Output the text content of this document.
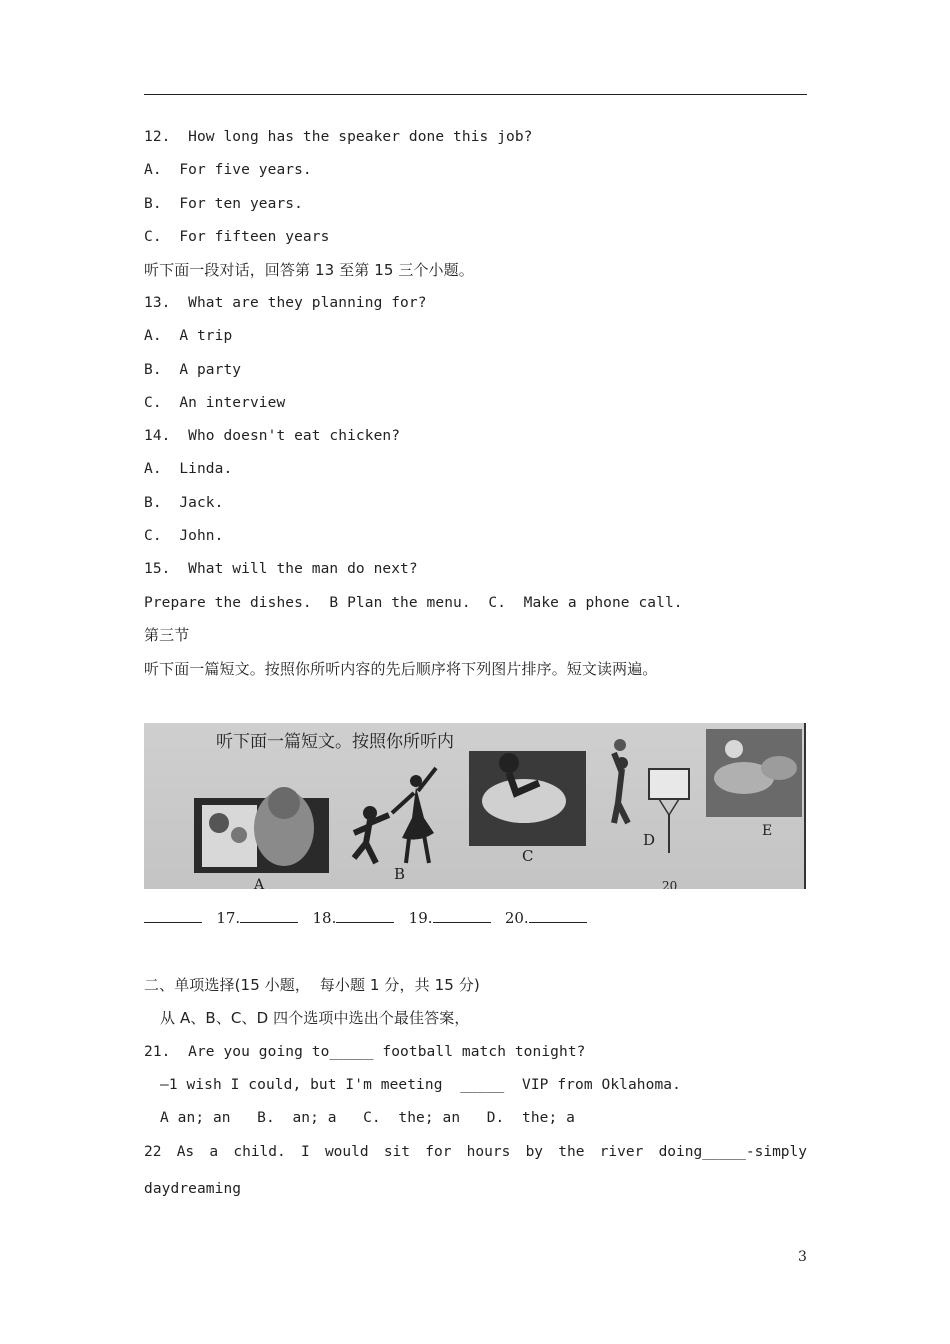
12.  How long has the speaker done this job?
A.  For five years.
B.  For ten years.
C.  For fifteen years
听下面一段对话，回答第 13 至第 15 三个小题。
13.  What are they planning for?
A.  A trip
B.  A party
C.  An interview
14.  Who doesn't eat chicken?
A.  Linda.
B.  Jack.
C.  John.
15.  What will the man do next?
Prepare the dishes.  B Plan the menu.  C.  Make a phone call.
第三节
听下面一篇短文。按照你所听内容的先后顺序将下列图片排序。短文读两遍。
听下面一篇短文。按照你所听内
A
B
C
D	E
20
17.	18.	19.	20.
二、单项选择(15 小题，  每小题 1 分，共 15 分)
从 A、B、C、D 四个选项中选出个最佳答案，
21.  Are you going to_____ football match tonight?
—1 wish I could, but I'm meeting  _____  VIP from Oklahoma.
A an; an   B.  an; a   C.  the; an   D.  the; a
22 As a child. I would sit for hours by the river doing_____-simply
daydreaming
3
